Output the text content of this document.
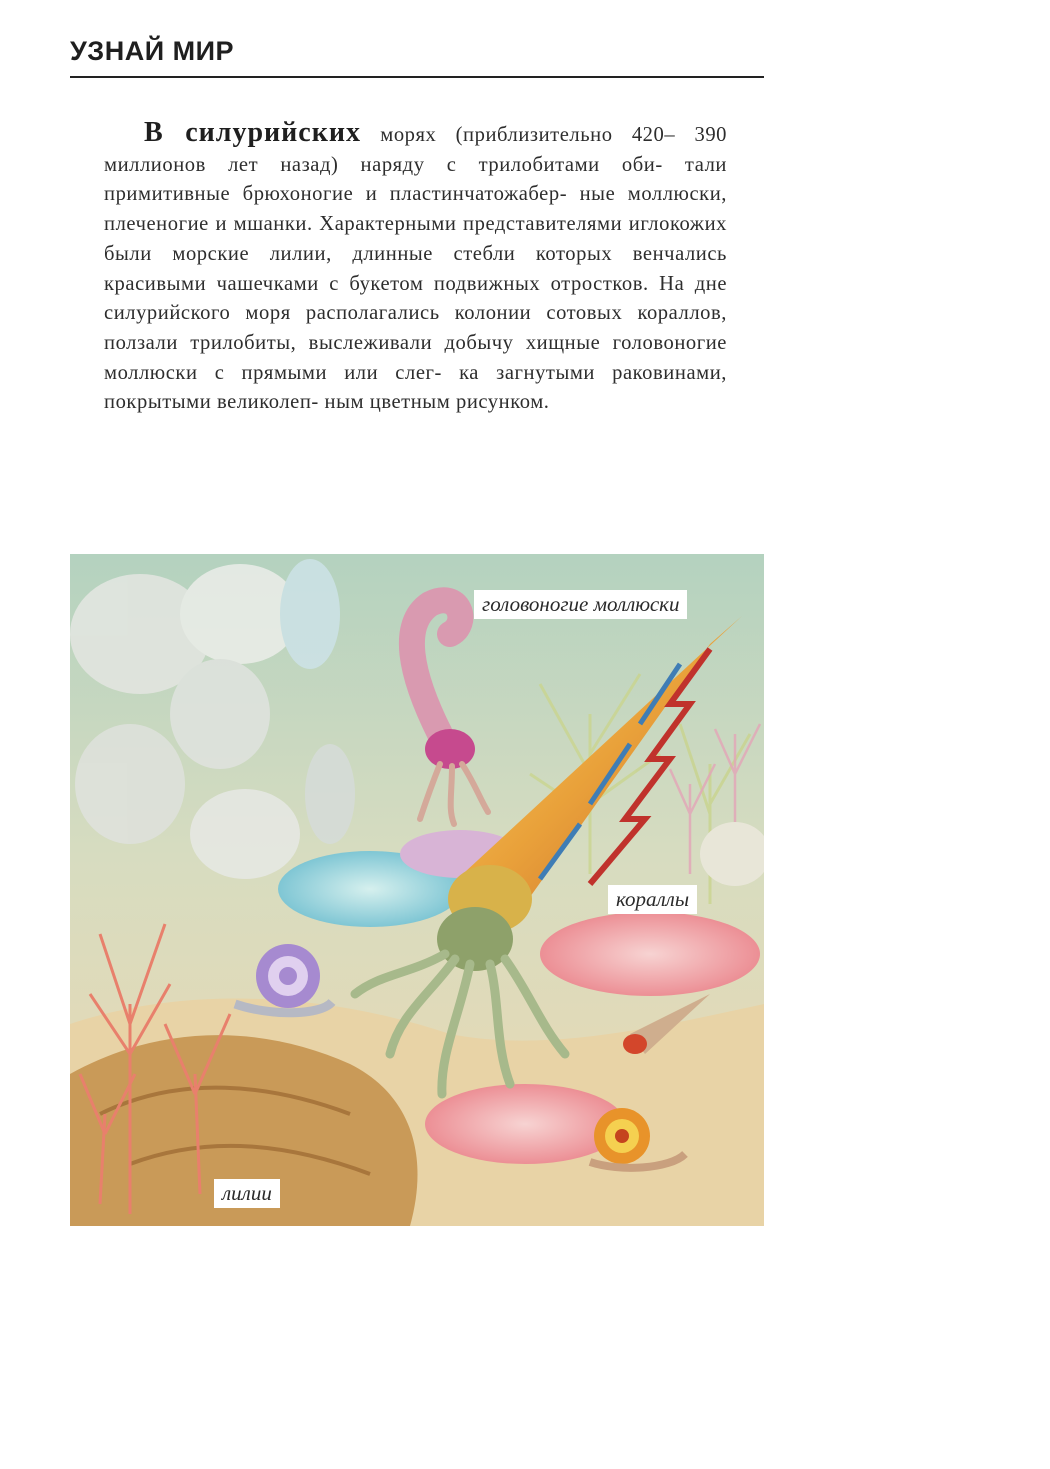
УЗНАЙ МИР
В силурийских морях (приблизительно 420– 390 миллионов лет назад) наряду с трилобитами оби- тали примитивные брюхоногие и пластинчатожабер- ные моллюски, плеченогие и мшанки. Характерными представителями иглокожих были морские лилии, длинные стебли которых венчались красивыми чашечками с букетом подвижных отростков. На дне силурийского моря располагались колонии сотовых кораллов, ползали трилобиты, выслеживали добычу хищные головоногие моллюски с прямыми или слег- ка загнутыми раковинами, покрытыми великолеп- ным цветным рисунком.
головоногие моллюски
кораллы
лилии
